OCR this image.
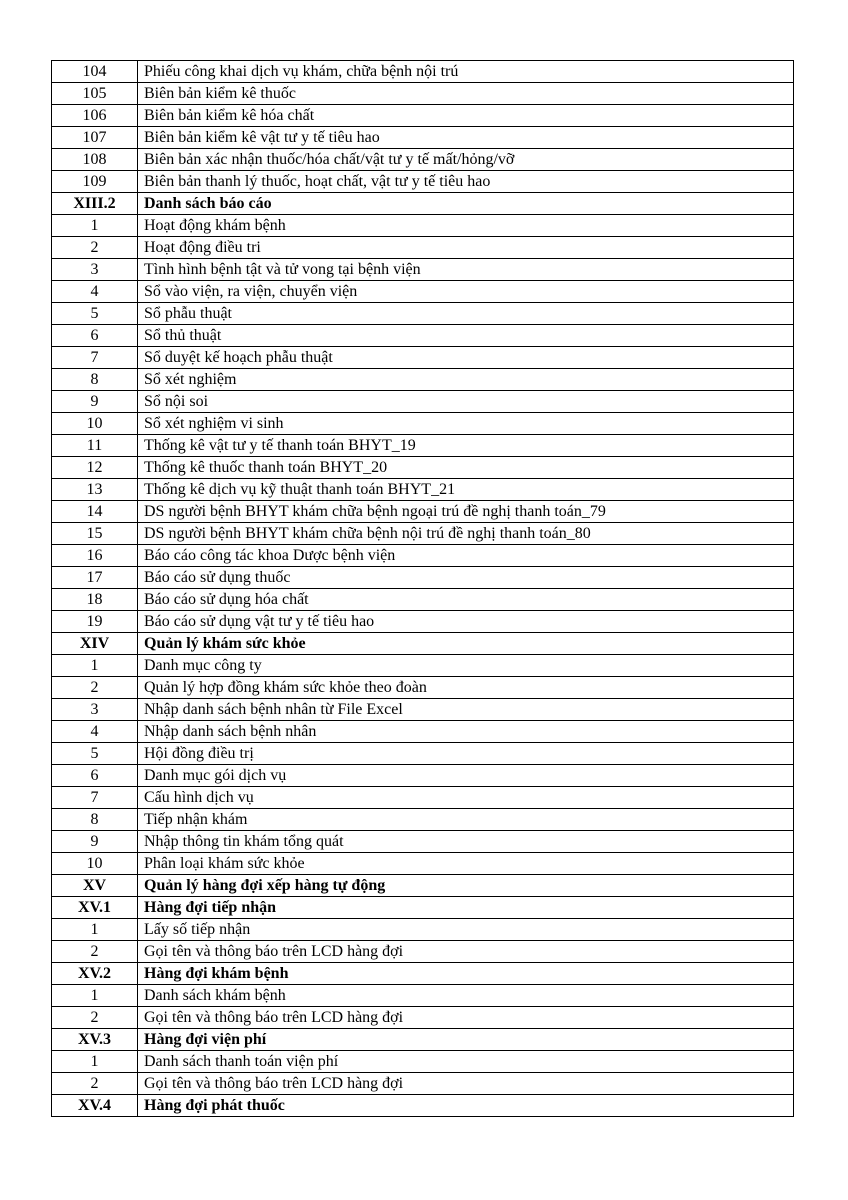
104	Phiếu công khai dịch vụ khám, chữa bệnh nội trú
105	Biên bản kiểm kê thuốc
106	Biên bản kiểm kê hóa chất
107	Biên bản kiểm kê vật tư y tế tiêu hao
108	Biên bản xác nhận thuốc/hóa chất/vật tư y tế mất/hỏng/vỡ
109	Biên bản thanh lý thuốc, hoạt chất, vật tư y tế tiêu hao
XIII.2	Danh sách báo cáo
1	Hoạt động khám bệnh
2	Hoạt động điều tri
3	Tình hình bệnh tật và tử vong tại bệnh viện
4	Sổ vào viện, ra viện, chuyển viện
5	Sổ phẫu thuật
6	Sổ thủ thuật
7	Sổ duyệt kế hoạch phẫu thuật
8	Sổ xét nghiệm
9	Sổ nội soi
10	Sổ xét nghiệm vi sinh
11	Thống kê vật tư y tế thanh toán BHYT_19
12	Thống kê thuốc thanh toán BHYT_20
13	Thống kê dịch vụ kỹ thuật thanh toán BHYT_21
14	DS người bệnh BHYT khám chữa bệnh ngoại trú đề nghị thanh toán_79
15	DS người bệnh BHYT khám chữa bệnh nội trú đề nghị thanh toán_80
16	Báo cáo công tác khoa Dược bệnh viện
17	Báo cáo sử dụng thuốc
18	Báo cáo sử dụng hóa chất
19	Báo cáo sử dụng vật tư y tế tiêu hao
XIV	Quản lý khám sức khỏe
1	Danh mục công ty
2	Quản lý hợp đồng khám sức khỏe theo đoàn
3	Nhập danh sách bệnh nhân từ File Excel
4	Nhập danh sách bệnh nhân
5	Hội đồng điều trị
6	Danh mục gói dịch vụ
7	Cấu hình dịch vụ
8	Tiếp nhận khám
9	Nhập thông tin khám tổng quát
10	Phân loại khám sức khỏe
XV	Quản lý hàng đợi xếp hàng tự động
XV.1	Hàng đợi tiếp nhận
1	Lấy số tiếp nhận
2	Gọi tên và thông báo trên LCD hàng đợi
XV.2	Hàng đợi khám bệnh
1	Danh sách khám bệnh
2	Gọi tên và thông báo trên LCD hàng đợi
XV.3	Hàng đợi viện phí
1	Danh sách thanh toán viện phí
2	Gọi tên và thông báo trên LCD hàng đợi
XV.4	Hàng đợi phát thuốc
